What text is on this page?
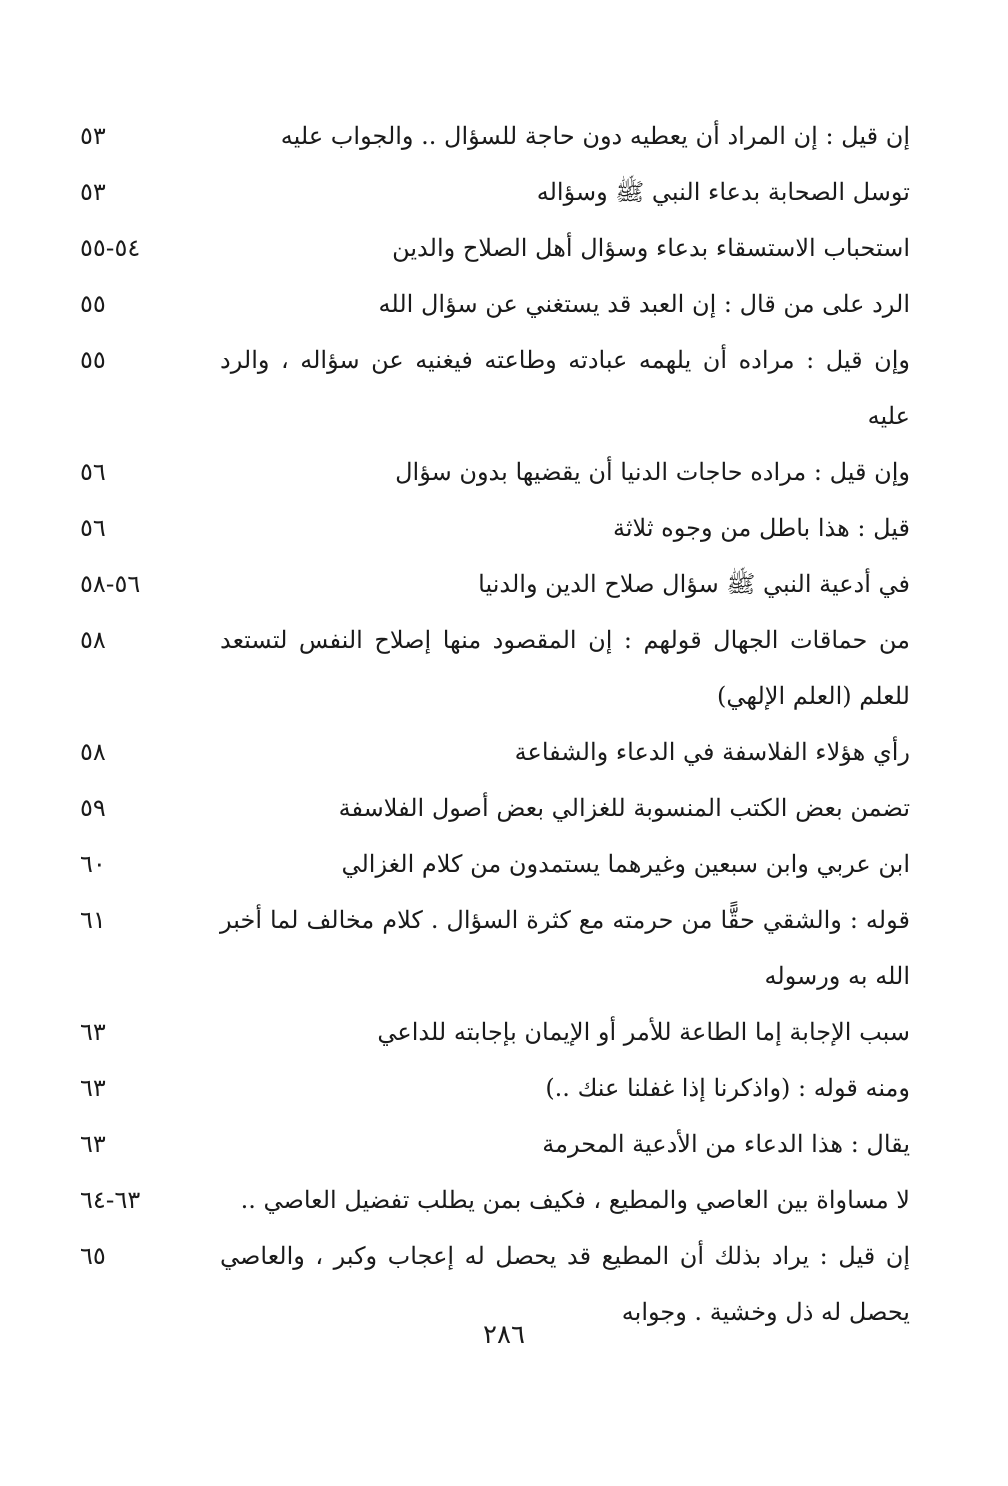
إن قيل : إن المراد أن يعطيه دون حاجة للسؤال .. والجواب عليه
٥٣
توسل الصحابة بدعاء النبي ﷺ وسؤاله
٥٣
استحباب الاستسقاء بدعاء وسؤال أهل الصلاح والدين
٥٤-٥٥
الرد على من قال : إن العبد قد يستغني عن سؤال الله
٥٥
وإن قيل : مراده أن يلهمه عبادته وطاعته فيغنيه عن سؤاله ، والرد عليه
٥٥
وإن قيل : مراده حاجات الدنيا أن يقضيها بدون سؤال
٥٦
قيل : هذا باطل من وجوه ثلاثة
٥٦
في أدعية النبي ﷺ سؤال صلاح الدين والدنيا
٥٦-٥٨
من حماقات الجهال قولهم : إن المقصود منها إصلاح النفس لتستعد للعلم (العلم الإلهي)
٥٨
رأي هؤلاء الفلاسفة في الدعاء والشفاعة
٥٨
تضمن بعض الكتب المنسوبة للغزالي بعض أصول الفلاسفة
٥٩
ابن عربي وابن سبعين وغيرهما يستمدون من كلام الغزالي
٦٠
قوله : والشقي حقًّا من حرمته مع كثرة السؤال . كلام مخالف لما أخبر الله به ورسوله
٦١
سبب الإجابة إما الطاعة للأمر أو الإيمان بإجابته للداعي
٦٣
ومنه قوله : (واذكرنا إذا غفلنا عنك ..)
٦٣
يقال : هذا الدعاء من الأدعية المحرمة
٦٣
لا مساواة بين العاصي والمطيع ، فكيف بمن يطلب تفضيل العاصي ..
٦٣-٦٤
إن قيل : يراد بذلك أن المطيع قد يحصل له إعجاب وكبر ، والعاصي يحصل له ذل وخشية . وجوابه
٦٥
٢٨٦
